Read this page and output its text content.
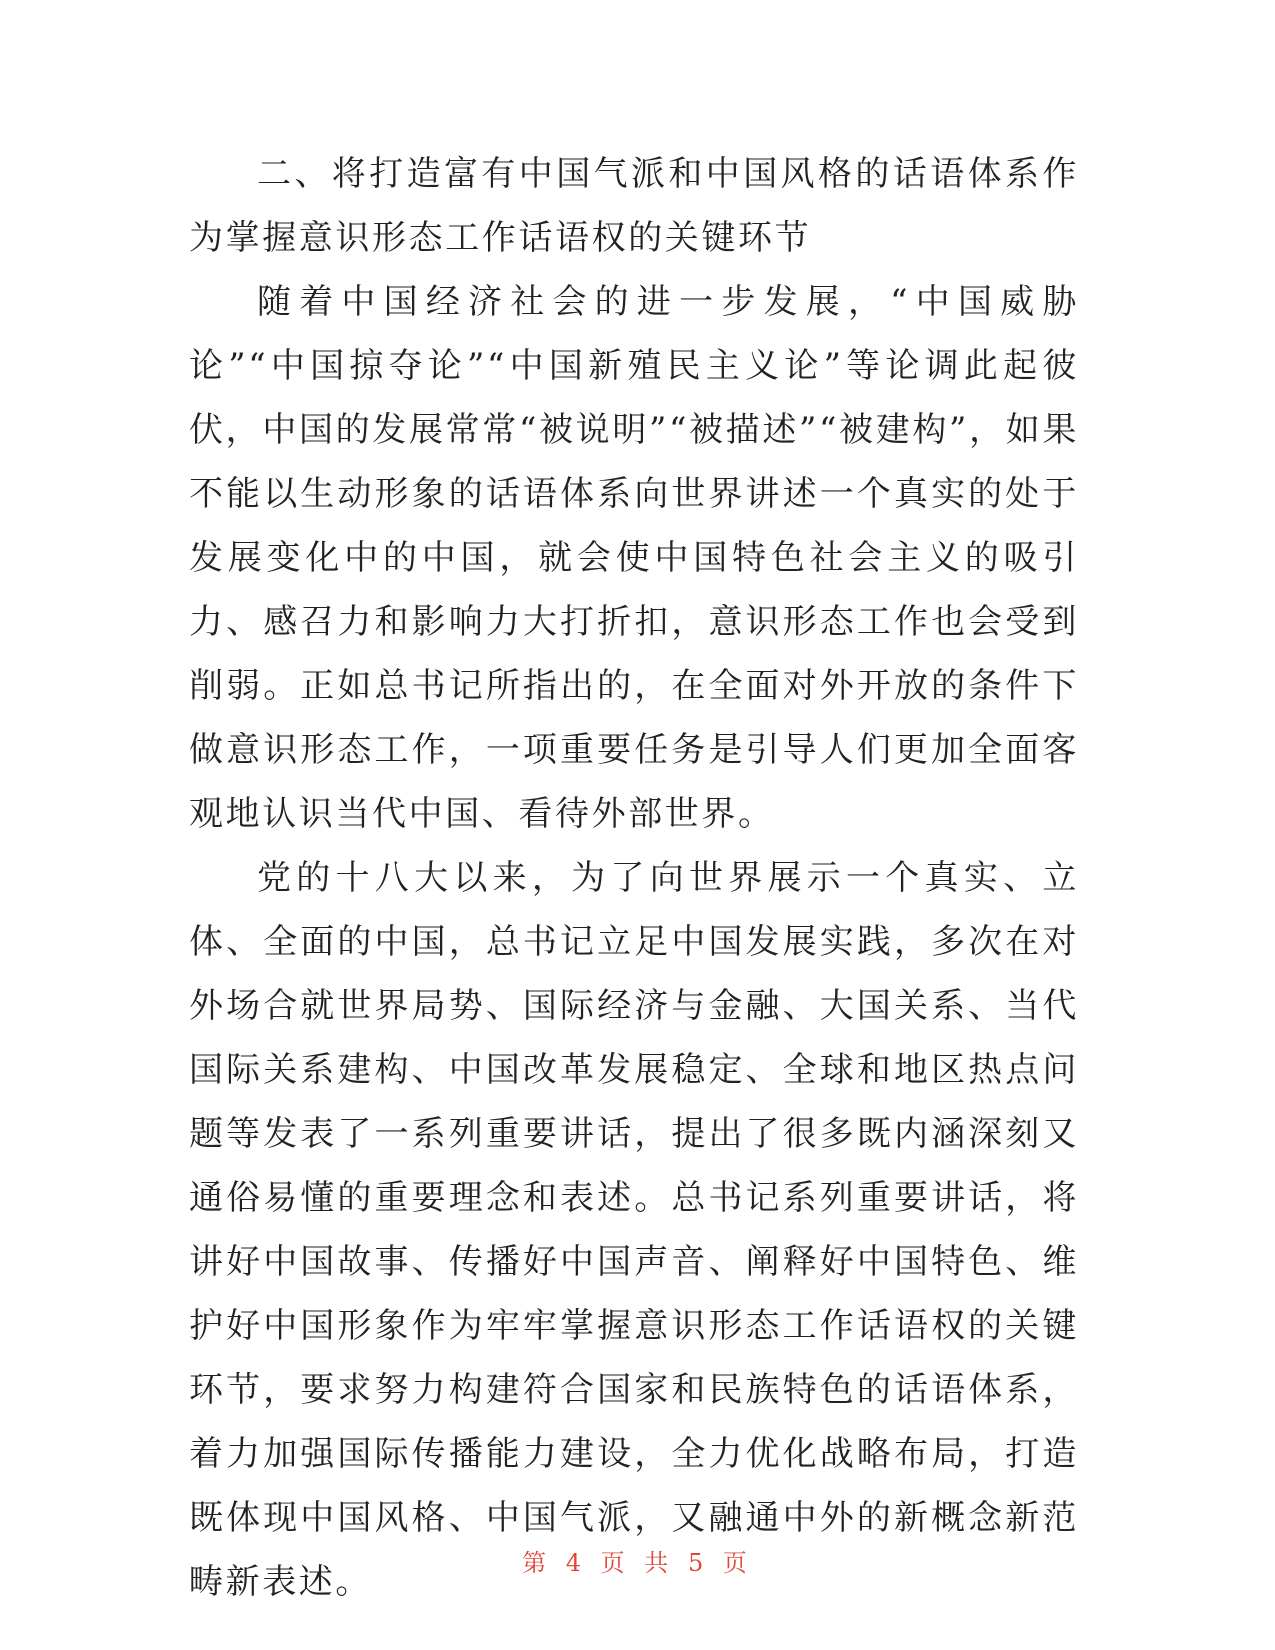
二、将打造富有中国气派和中国风格的话语体系作为掌握意识形态工作话语权的关键环节

随着中国经济社会的进一步发展，“中国威胁论”“中国掠夺论”“中国新殖民主义论”等论调此起彼伏，中国的发展常常“被说明”“被描述”“被建构”，如果不能以生动形象的话语体系向世界讲述一个真实的处于发展变化中的中国，就会使中国特色社会主义的吸引力、感召力和影响力大打折扣，意识形态工作也会受到削弱。正如总书记所指出的，在全面对外开放的条件下做意识形态工作，一项重要任务是引导人们更加全面客观地认识当代中国、看待外部世界。

党的十八大以来，为了向世界展示一个真实、立体、全面的中国，总书记立足中国发展实践，多次在对外场合就世界局势、国际经济与金融、大国关系、当代国际关系建构、中国改革发展稳定、全球和地区热点问题等发表了一系列重要讲话，提出了很多既内涵深刻又通俗易懂的重要理念和表述。总书记系列重要讲话，将讲好中国故事、传播好中国声音、阐释好中国特色、维护好中国形象作为牢牢掌握意识形态工作话语权的关键环节，要求努力构建符合国家和民族特色的话语体系，着力加强国际传播能力建设，全力优化战略布局，打造既体现中国风格、中国气派，又融通中外的新概念新范畴新表述。	第 4 页 共 5 页
